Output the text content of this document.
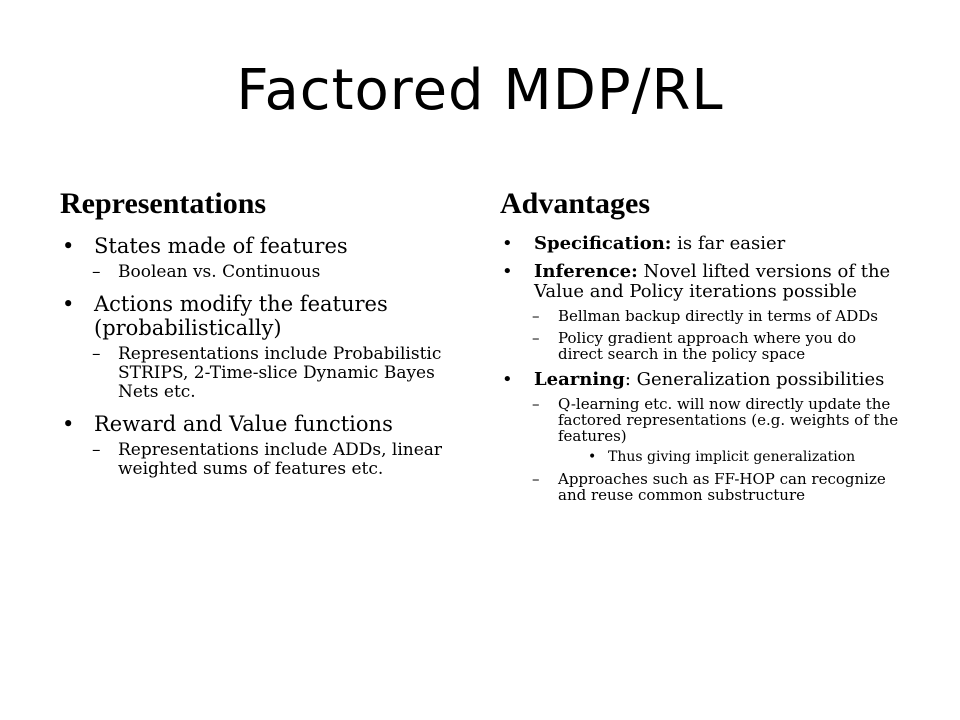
Factored MDP/RL
Representations
• States made of features
– Boolean vs. Continuous
• Actions modify the features (probabilistically)
– Representations include Probabilistic STRIPS, 2-Time-slice Dynamic Bayes Nets etc.
• Reward and Value functions
– Representations include ADDs, linear weighted sums of features etc.
Advantages
• Specification: is far easier
• Inference: Novel lifted versions of the Value and Policy iterations possible
– Bellman backup directly in terms of ADDs
– Policy gradient approach where you do direct search in the policy space
• Learning: Generalization possibilities
– Q-learning etc. will now directly update the factored representations (e.g. weights of the features)
• Thus giving implicit generalization
– Approaches such as FF-HOP can recognize and reuse common substructure
